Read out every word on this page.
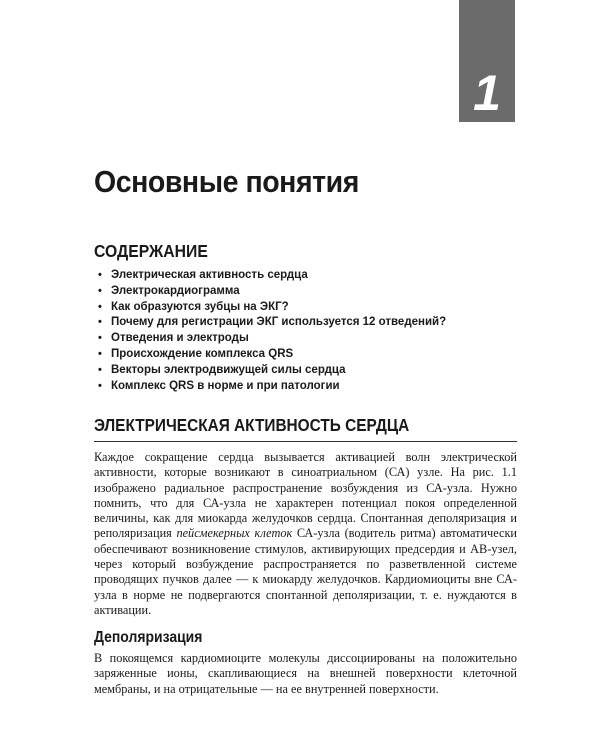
1
Основные понятия
СОДЕРЖАНИЕ
• Электрическая активность сердца
• Электрокардиограмма
• Как образуются зубцы на ЭКГ?
• Почему для регистрации ЭКГ используется 12 отведений?
• Отведения и электроды
• Происхождение комплекса QRS
• Векторы электродвижущей силы сердца
• Комплекс QRS в норме и при патологии
ЭЛЕКТРИЧЕСКАЯ АКТИВНОСТЬ СЕРДЦА

Каждое сокращение сердца вызывается активацией волн электрической активности, которые возникают в синоатриальном (СА) узле. На рис. 1.1 изображено радиальное распространение возбуждения из СА-узла. Нужно помнить, что для СА-узла не характерен потенциал покоя определенной величины, как для миокарда желудочков сердца. Спонтанная деполяризация и реполяризация пейсмекерных клеток СА-узла (водитель ритма) автоматически обеспечивают возникновение стимулов, активирующих предсердия и АВ-узел, через который возбуждение распространяется по разветвленной системе проводящих пучков далее — к миокарду желудочков. Кардиомиоциты вне СА-узла в норме не подвергаются спонтанной деполяризации, т. е. нуждаются в активации.

Деполяризация

В покоящемся кардиомиоците молекулы диссоциированы на положительно заряженные ионы, скапливающиеся на внешней поверхности клеточной мембраны, и на отрицательные — на ее внутренней поверхности.
